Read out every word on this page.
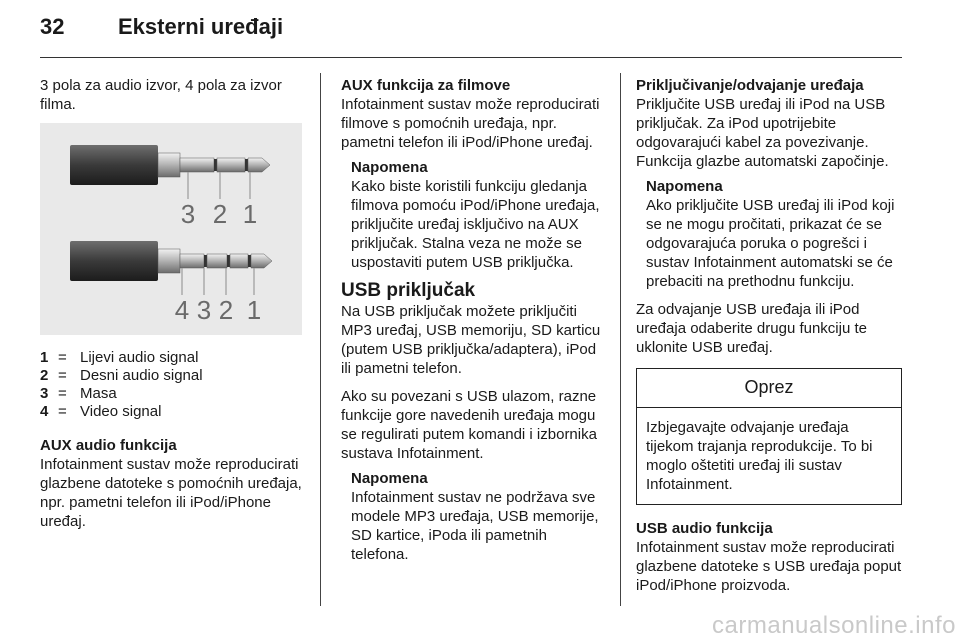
32 Eksterni uređaji

3 pola za audio izvor, 4 pola za izvor filma.

3 2 1
4 3 2 1
1 = Lijevi audio signal
2 = Desni audio signal
3 = Masa
4 = Video signal

AUX audio funkcija

Infotainment sustav može reproducirati glazbene datoteke s pomoćnih uređaja, npr. pametni telefon ili iPod/iPhone uređaj.

AUX funkcija za filmove

Infotainment sustav može reproducirati filmove s pomoćnih uređaja, npr. pametni telefon ili iPod/iPhone uređaj.

Napomena

Kako biste koristili funkciju gledanja filmova pomoću iPod/iPhone uređaja, priključite uređaj isključivo na AUX priključak. Stalna veza ne može se uspostaviti putem USB priključka.

USB priključak

Na USB priključak možete priključiti MP3 uređaj, USB memoriju, SD karticu (putem USB priključka/adaptera), iPod ili pametni telefon.

Ako su povezani s USB ulazom, razne funkcije gore navedenih uređaja mogu se regulirati putem komandi i izbornika sustava Infotainment.

Napomena

Infotainment sustav ne podržava sve modele MP3 uređaja, USB memorije, SD kartice, iPoda ili pametnih telefona.

Priključivanje/odvajanje uređaja

Priključite USB uređaj ili iPod na USB priključak. Za iPod upotrijebite odgovarajući kabel za povezivanje. Funkcija glazbe automatski započinje.

Napomena

Ako priključite USB uređaj ili iPod koji se ne mogu pročitati, prikazat će se odgovarajuća poruka o pogrešci i sustav Infotainment automatski se će prebaciti na prethodnu funkciju.

Za odvajanje USB uređaja ili iPod uređaja odaberite drugu funkciju te uklonite USB uređaj.

Oprez
Izbjegavajte odvajanje uređaja tijekom trajanja reprodukcije. To bi moglo oštetiti uređaj ili sustav Infotainment.

USB audio funkcija

Infotainment sustav može reproducirati glazbene datoteke s USB uređaja poput iPod/iPhone proizvoda.

carmanualsonline.info
